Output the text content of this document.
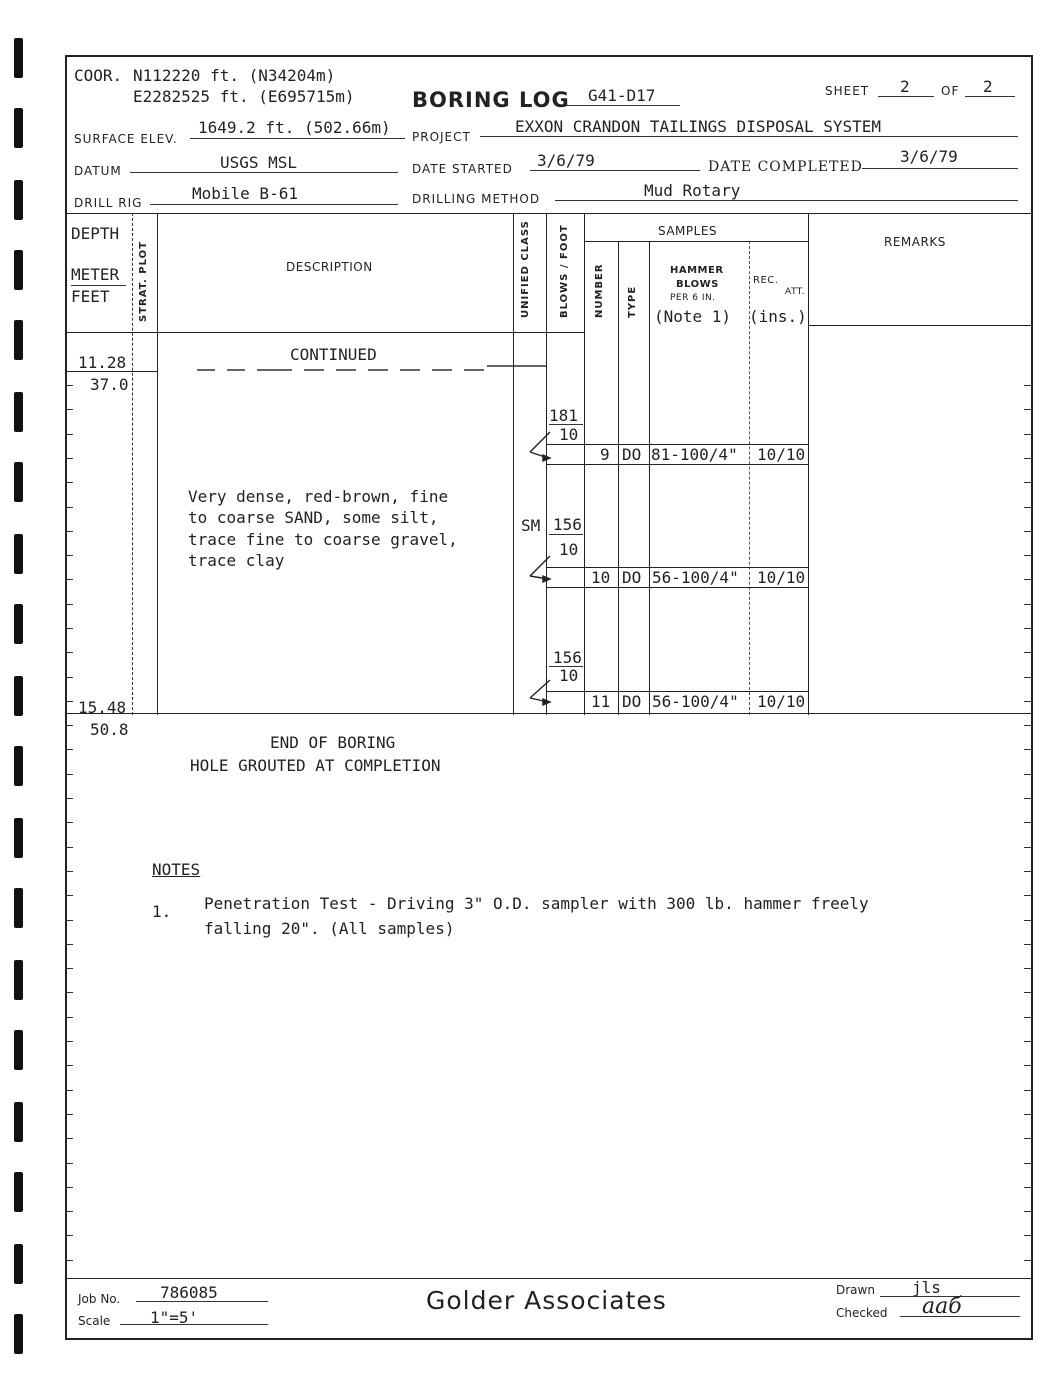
COOR. N112220 ft. (N34204m)
E2282525 ft. (E695715m)	BORING LOG G41-D17	SHEET 2	OF 2
SURFACE ELEV.
1649.2 ft. (502.66m) PROJECT
EXXON CRANDON TAILINGS DISPOSAL SYSTEM
DATUM	USGS MSL	DATE STARTED 3/6/79	DATE COMPLETED
3/6/79
DRILL RIG	Mobile B-61	DRILLING METHOD	Mud Rotary
DEPTH
METER
FEET	STRAT. PLOT	DESCRIPTION	UNIFIED CLASS	BLOWS / FOOT	SAMPLES
NUMBER TYPE
HAMMER
BLOWS
PER 6 IN.
(Note 1)
REC.
ATT.
(ins.)
REMARKS
CONTINUED
11.28
37.0
Very dense, red-brown, fine
to coarse SAND, some silt,
trace fine to coarse gravel,
trace clay
SM
181
10
156
10
156
10
9 DO 81-100/4" 10/10
10 DO 56-100/4" 10/10
11 DO 56-100/4" 10/10
15.48
50.8
END OF BORING
HOLE GROUTED AT COMPLETION
NOTES
1. Penetration Test - Driving 3" O.D. sampler with 300 lb. hammer freely
falling 20". (All samples)
Job No. 786085
Scale 1"=5'
Golder Associates	Drawn jls
Checked ааб
